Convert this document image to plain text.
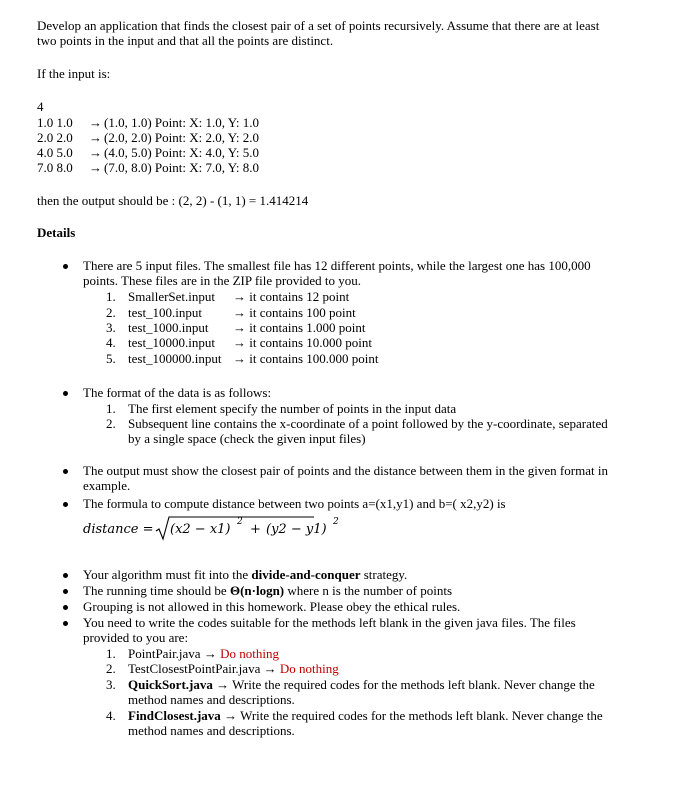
Develop an application that finds the closest pair of a set of points recursively. Assume that there are at least
two points in the input and that all the points are distinct.
If the input is:
4
1.0 1.0 → (1.0, 1.0) Point: X: 1.0, Y: 1.0
2.0 2.0 → (2.0, 2.0) Point: X: 2.0, Y: 2.0
4.0 5.0 → (4.0, 5.0) Point: X: 4.0, Y: 5.0
7.0 8.0 → (7.0, 8.0) Point: X: 7.0, Y: 8.0
then the output should be : (2, 2) - (1, 1) = 1.414214
Details
There are 5 input files. The smallest file has 12 different points, while the largest one has 100,000
points. These files are in the ZIP file provided to you.
1. SmallerSet.input → it contains 12 point
2. test_100.input → it contains 100 point
3. test_1000.input → it contains 1.000 point
4. test_10000.input → it contains 10.000 point
5. test_100000.input → it contains 100.000 point
The format of the data is as follows:
1. The first element specify the number of points in the input data
2. Subsequent line contains the x-coordinate of a point followed by the y-coordinate, separated
by a single space (check the given input files)
The output must show the closest pair of points and the distance between them in the given format in
example.
The formula to compute distance between two points a=(x1,y1) and b=( x2,y2) is
distance = (x2 − x1) 2 + (y2 − y1) 2
Your algorithm must fit into the divide-and-conquer strategy.
The running time should be Θ(n·logn) where n is the number of points
Grouping is not allowed in this homework. Please obey the ethical rules.
You need to write the codes suitable for the methods left blank in the given java files. The files
provided to you are:
1. PointPair.java → Do nothing
2. TestClosestPointPair.java → Do nothing
3. QuickSort.java → Write the required codes for the methods left blank. Never change the
method names and descriptions.
4. FindClosest.java → Write the required codes for the methods left blank. Never change the
method names and descriptions.
